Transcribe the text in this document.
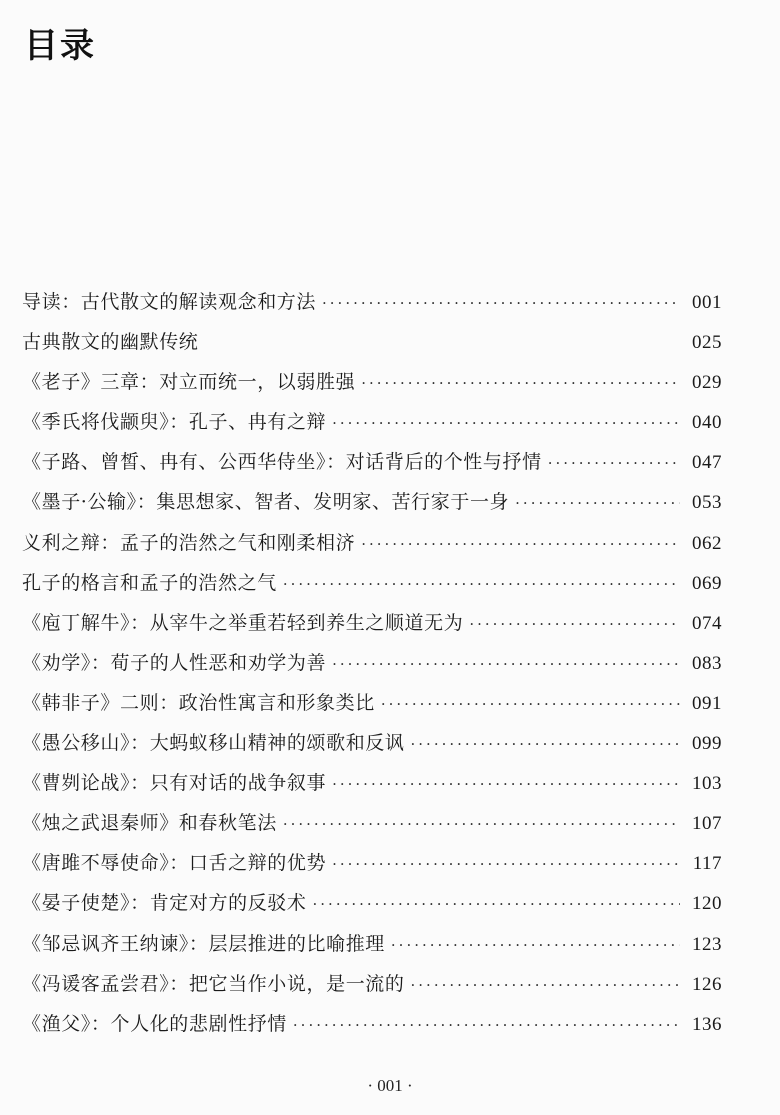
目录
导读：古代散文的解读观念和方法 ·····	001
古典散文的幽默传统	025
《老子》三章：对立而统一，以弱胜强 ·····	029
《季氏将伐颛臾》：孔子、冉有之辩 ·····	040
《子路、曾皙、冉有、公西华侍坐》：对话背后的个性与抒情 ·····	047
《墨子·公输》：集思想家、智者、发明家、苦行家于一身 ·····	053
义利之辩：孟子的浩然之气和刚柔相济 ·····	062
孔子的格言和孟子的浩然之气 ·····	069
《庖丁解牛》：从宰牛之举重若轻到养生之顺道无为 ·····	074
《劝学》：荀子的人性恶和劝学为善 ·····	083
《韩非子》二则：政治性寓言和形象类比 ·····	091
《愚公移山》：大蚂蚁移山精神的颂歌和反讽 ·····	099
《曹刿论战》：只有对话的战争叙事 ·····	103
《烛之武退秦师》和春秋笔法 ·····	107
《唐雎不辱使命》：口舌之辩的优势 ·····	117
《晏子使楚》：肯定对方的反驳术 ·····	120
《邹忌讽齐王纳谏》：层层推进的比喻推理 ·····	123
《冯谖客孟尝君》：把它当作小说，是一流的 ·····	126
《渔父》：个人化的悲剧性抒情 ·····	136
· 001 ·
